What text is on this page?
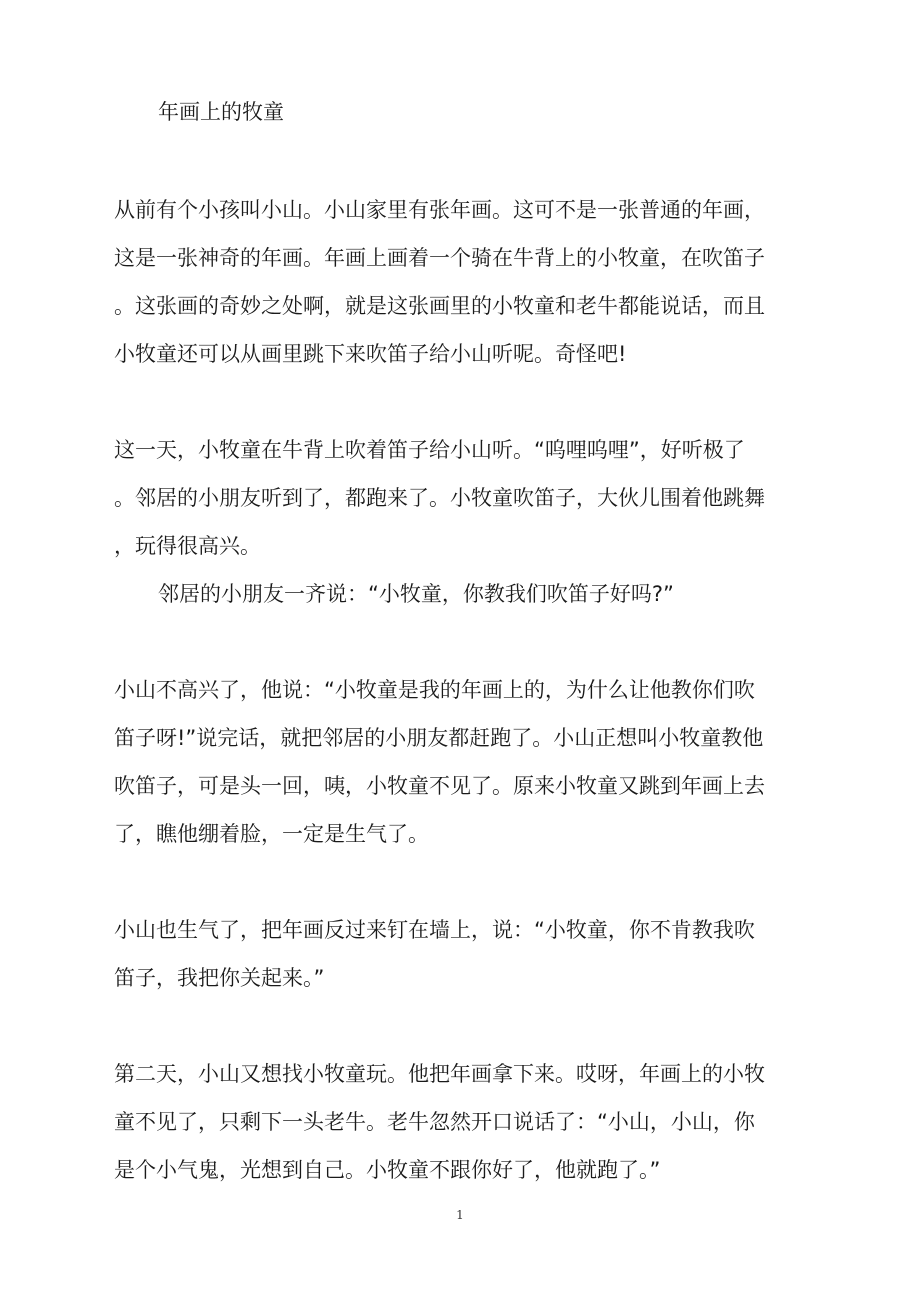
年画上的牧童
从前有个小孩叫小山。小山家里有张年画。这可不是一张普通的年画，
这是一张神奇的年画。年画上画着一个骑在牛背上的小牧童，在吹笛子
。这张画的奇妙之处啊，就是这张画里的小牧童和老牛都能说话，而且
小牧童还可以从画里跳下来吹笛子给小山听呢。奇怪吧!
这一天，小牧童在牛背上吹着笛子给小山听。“呜哩呜哩”，好听极了
。邻居的小朋友听到了，都跑来了。小牧童吹笛子，大伙儿围着他跳舞
，玩得很高兴。
邻居的小朋友一齐说：“小牧童，你教我们吹笛子好吗?”
小山不高兴了，他说：“小牧童是我的年画上的，为什么让他教你们吹
笛子呀!”说完话，就把邻居的小朋友都赶跑了。小山正想叫小牧童教他
吹笛子，可是头一回，咦，小牧童不见了。原来小牧童又跳到年画上去
了，瞧他绷着脸，一定是生气了。
小山也生气了，把年画反过来钉在墙上，说：“小牧童，你不肯教我吹
笛子，我把你关起来。”
第二天，小山又想找小牧童玩。他把年画拿下来。哎呀，年画上的小牧
童不见了，只剩下一头老牛。老牛忽然开口说话了：“小山，小山，你
是个小气鬼，光想到自己。小牧童不跟你好了，他就跑了。”
1
